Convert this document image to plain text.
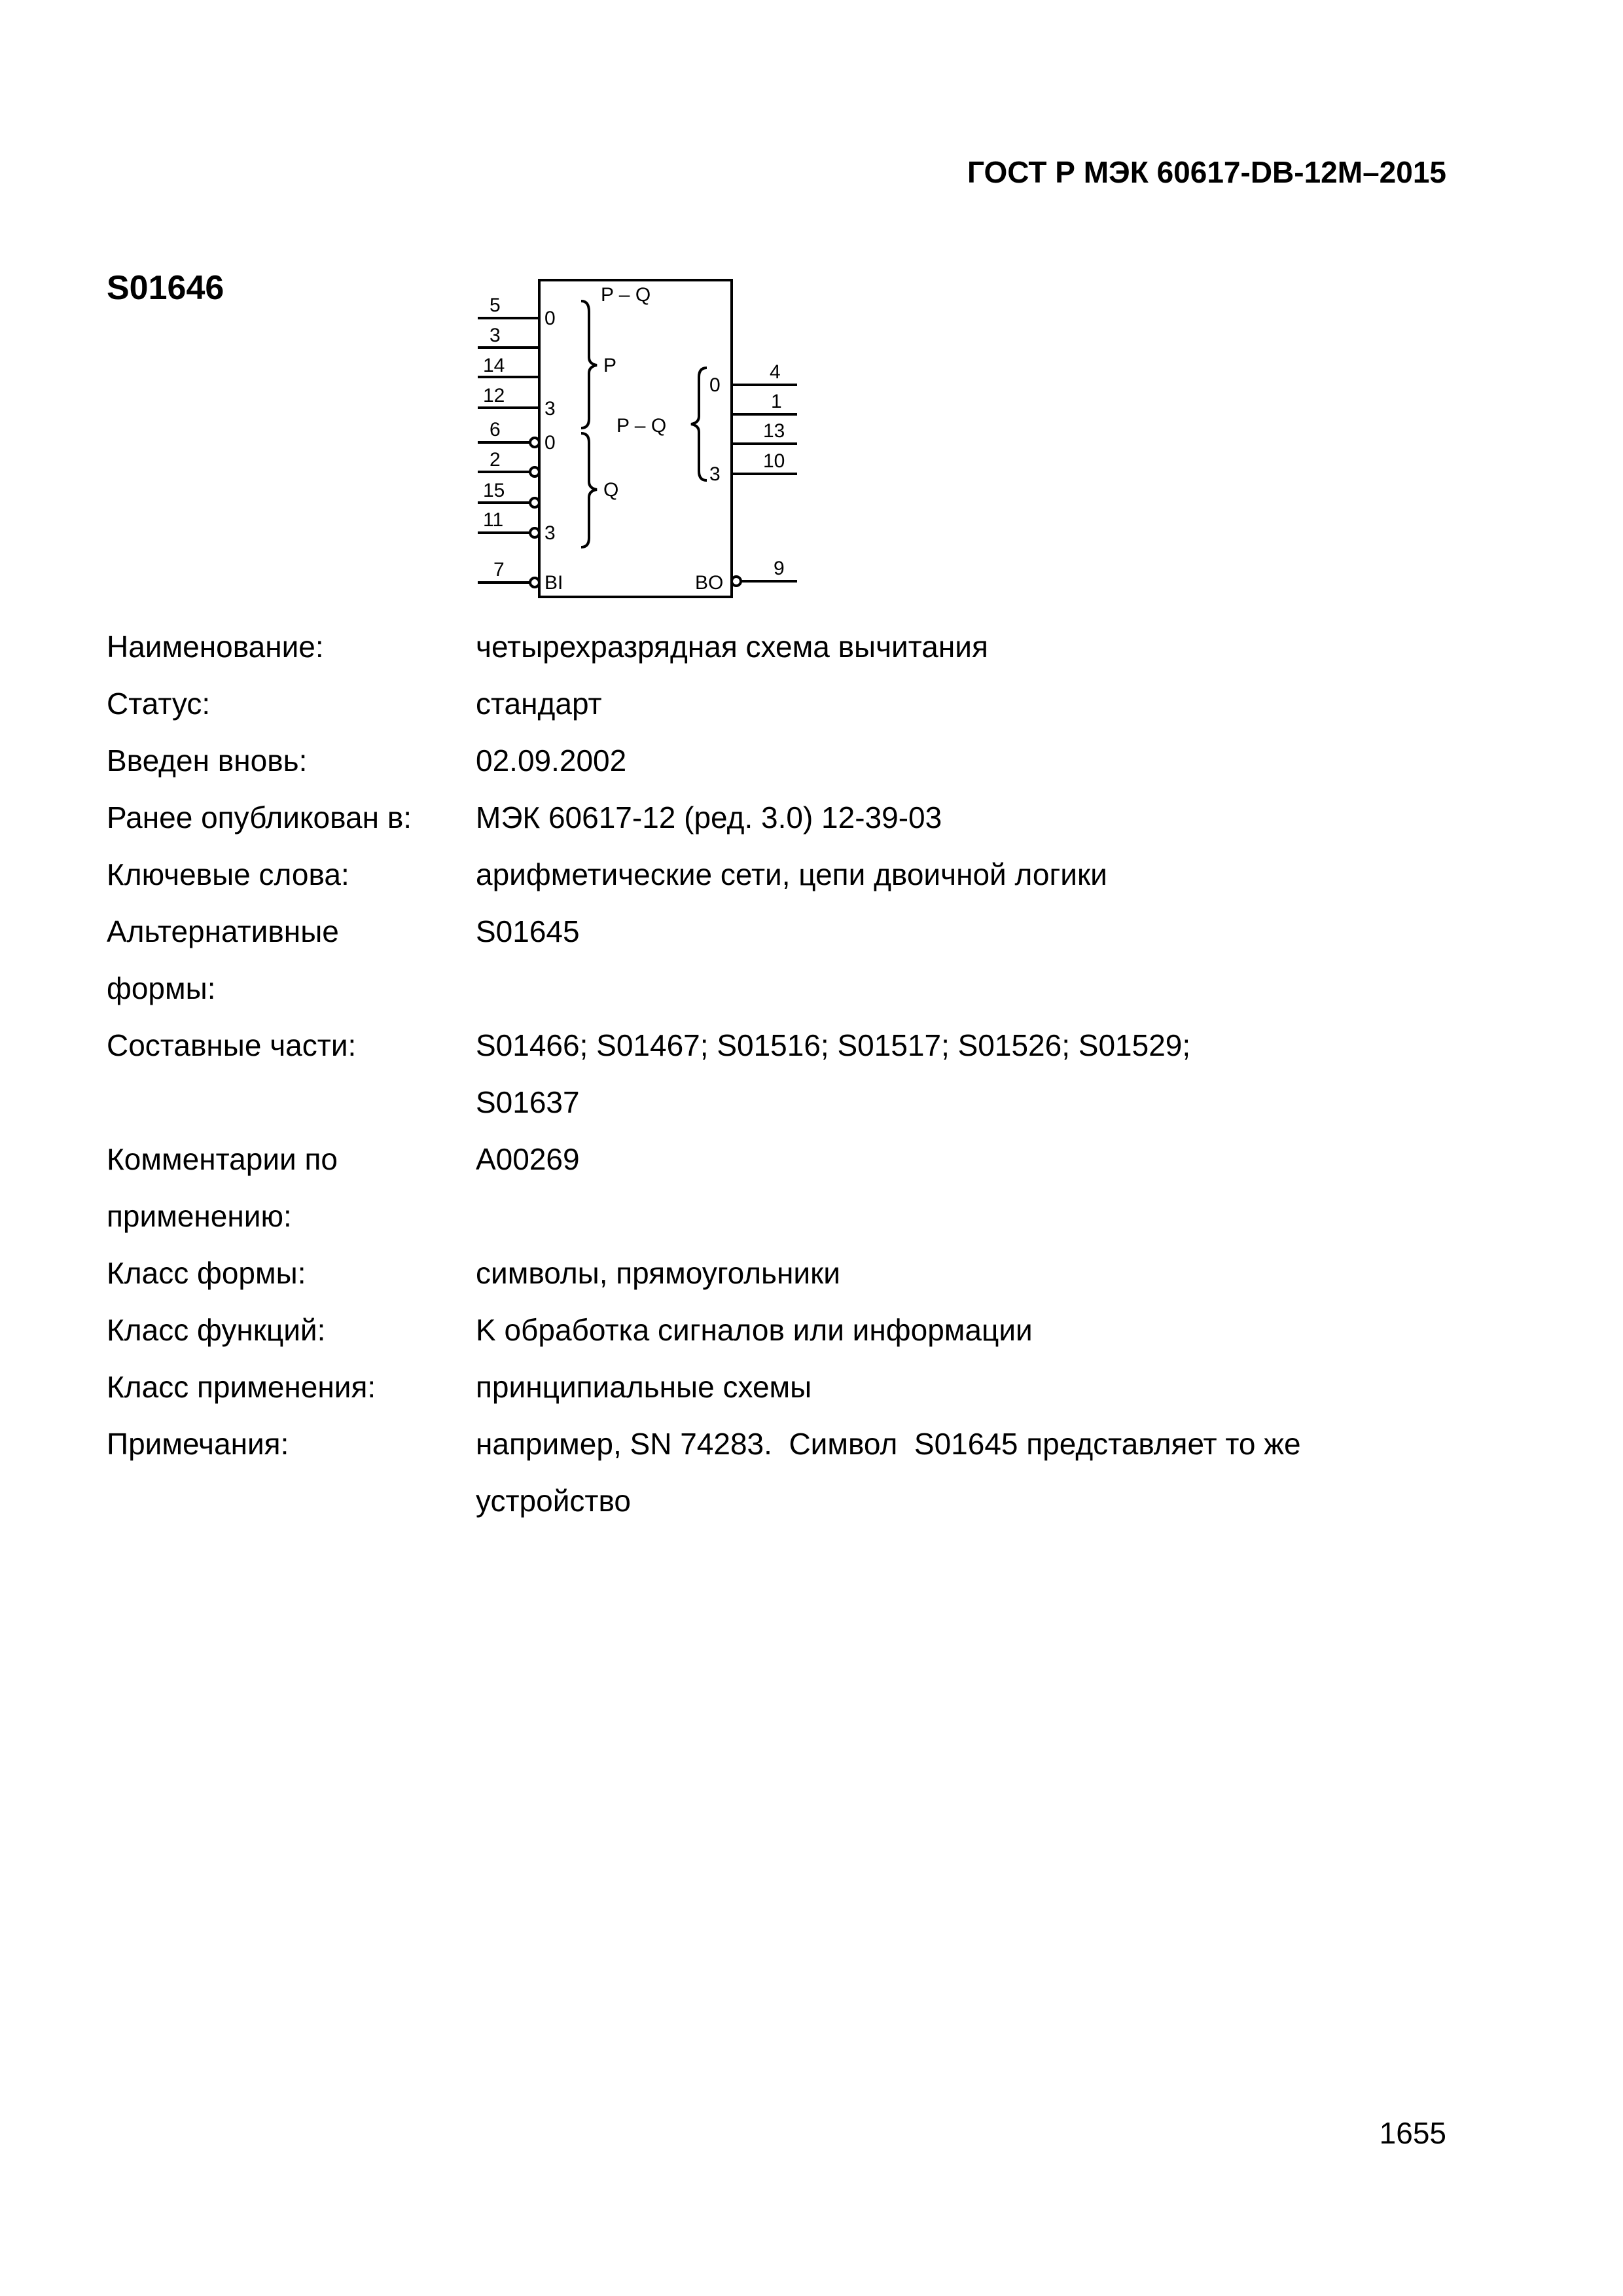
ГОСТ Р МЭК 60617-DB-12M–2015
S01646	5
3
14
12
6
2
15
11
7
4
1
13
10
9
P – Q
0
P
3
0
Q
3
P – Q
0
3
BI	BO
Наименование:	четырехразрядная схема вычитания
Статус:	стандарт
Введен вновь:	02.09.2002
Ранее опубликован в:	МЭК 60617-12 (ред. 3.0) 12-39-03
Ключевые слова:	арифметические сети, цепи двоичной логики
Альтернативные формы:
S01645
Составные части:	S01466; S01467; S01516; S01517; S01526; S01529; S01637
Комментарии по применению:
A00269
Класс формы:	символы, прямоугольники
Класс функций:	K обработка сигналов или информации
Класс применения:	принципиальные схемы
Примечания:	например, SN 74283.  Символ  S01645 представляет то же устройство
1655
